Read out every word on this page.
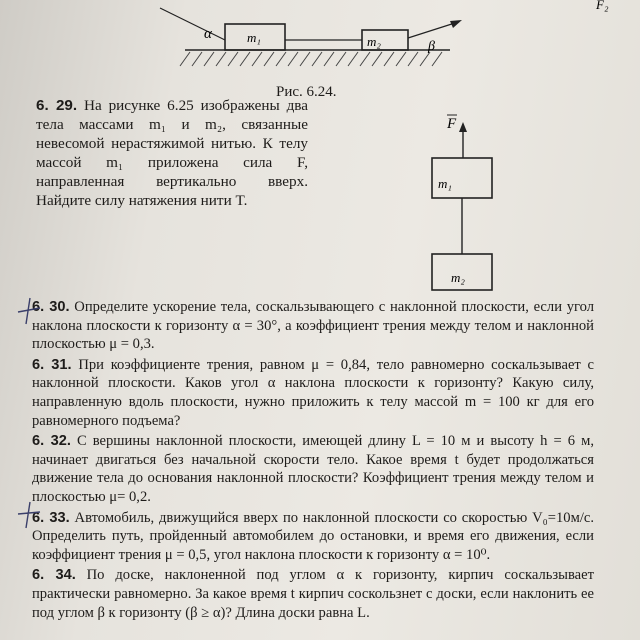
α	m₁	m₂	β
F₂
Рис. 6.24.
6. 29. На рисунке 6.25 изображены два тела массами m₁ и m₂, связанные невесомой нерастяжимой нитью. К телу массой m₁ приложена сила F, направленная вертикально вверх. Найдите силу натяжения нити T.
F
m₁
m₂
6. 30. Определите ускорение тела, соскальзывающего с наклонной плоскости, если угол наклона плоскости к горизонту α = 30°, а коэффициент трения между телом и наклонной плоскостью μ = 0,3.
6. 31. При коэффициенте трения, равном μ = 0,84, тело равномерно соскальзывает с наклонной плоскости. Каков угол α наклона плоскости к горизонту? Какую силу, направленную вдоль плоскости, нужно приложить к телу массой m = 100 кг для его равномерного подъема?
6. 32. С вершины наклонной плоскости, имеющей длину L = 10 м и высоту h = 6 м, начинает двигаться без начальной скорости тело. Какое время t будет продолжаться движение тела до основания наклонной плоскости? Коэффициент трения между телом и плоскостью μ= 0,2.
6. 33. Автомобиль, движущийся вверх по наклонной плоскости со скоростью V₀=10м/с. Определить путь, пройденный автомобилем до остановки, и время его движения, если коэффициент трения μ = 0,5, угол наклона плоскости к горизонту α = 10⁰.
6. 34. По доске, наклоненной под углом α к горизонту, кирпич соскальзывает практически равномерно. За какое время t кирпич соскользнет с доски, если наклонить ее под углом β к горизонту (β ≥ α)? Длина доски равна L.
